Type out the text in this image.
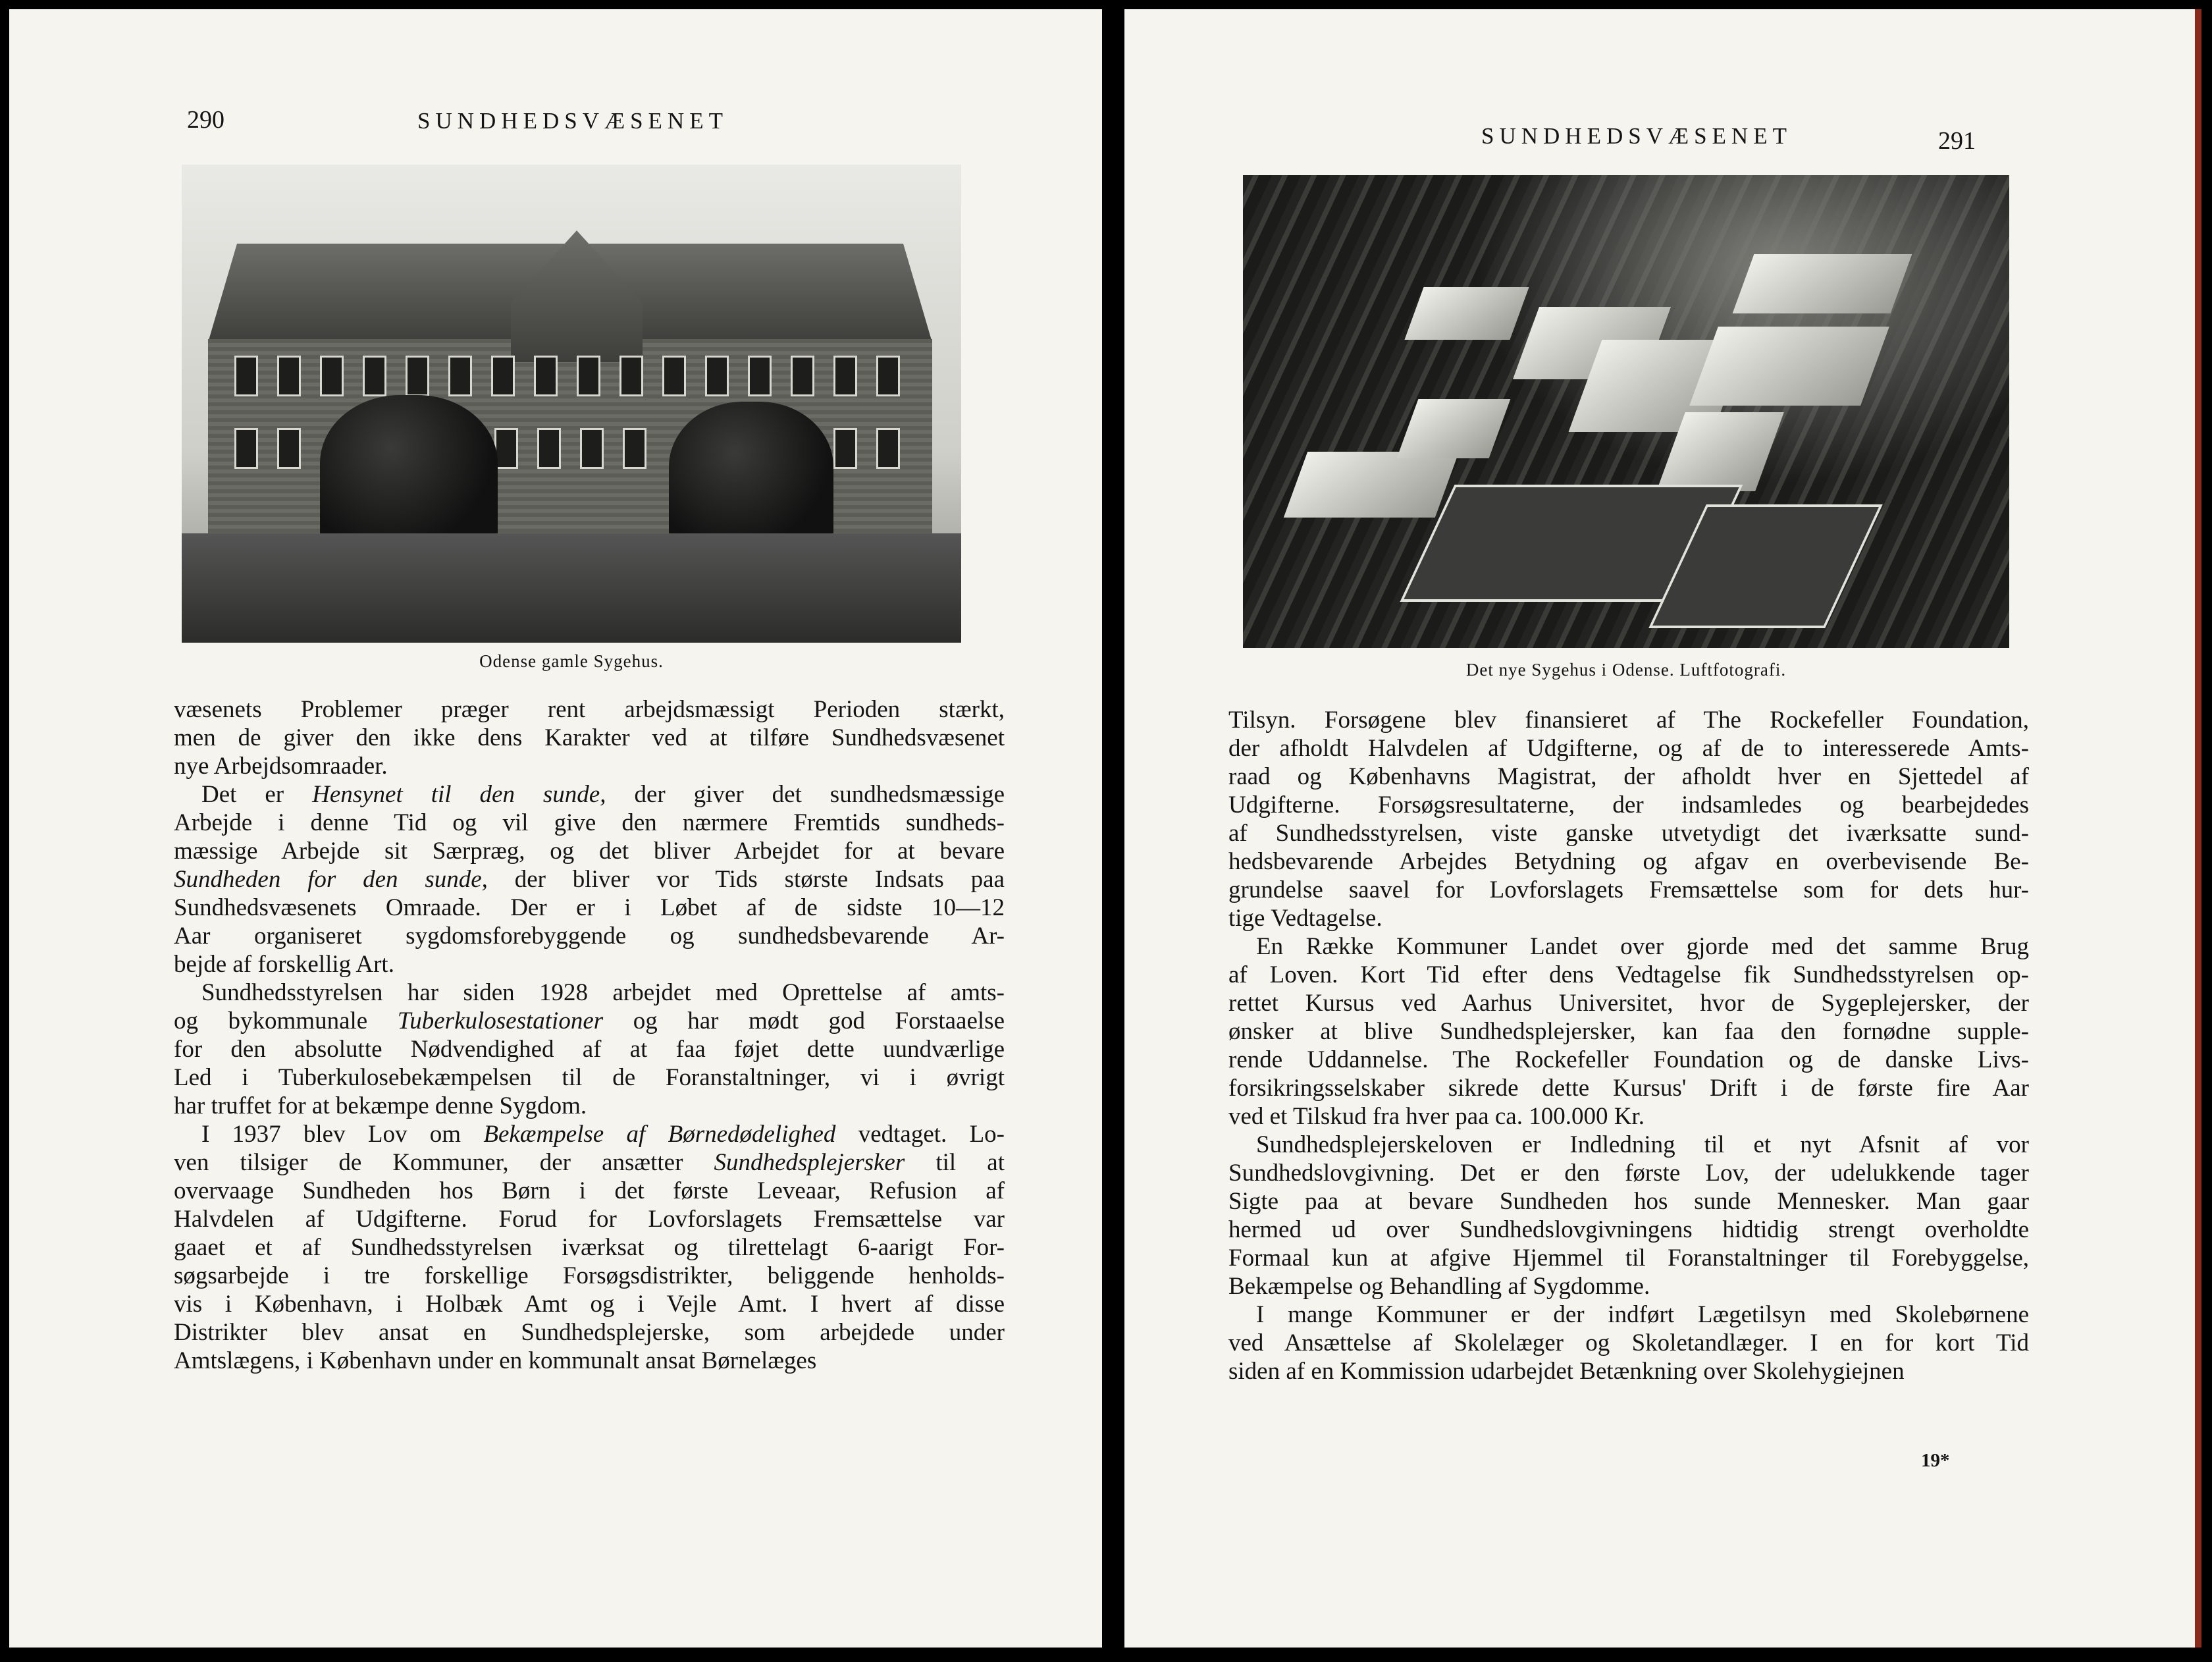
290	SUNDHEDSVÆSENET
Odense gamle Sygehus.
væsenets Problemer præger rent arbejdsmæssigt Perioden stærkt,
men de giver den ikke dens Karakter ved at tilføre Sundhedsvæsenet
nye Arbejdsomraader.
Det er Hensynet til den sunde, der giver det sundhedsmæssige
Arbejde i denne Tid og vil give den nærmere Fremtids sundheds-
mæssige Arbejde sit Særpræg, og det bliver Arbejdet for at bevare
Sundheden for den sunde, der bliver vor Tids største Indsats paa
Sundhedsvæsenets Omraade. Der er i Løbet af de sidste 10—12
Aar organiseret sygdomsforebyggende og sundhedsbevarende Ar-
bejde af forskellig Art.
Sundhedsstyrelsen har siden 1928 arbejdet med Oprettelse af amts-
og bykommunale Tuberkulosestationer og har mødt god Forstaaelse
for den absolutte Nødvendighed af at faa føjet dette uundværlige
Led i Tuberkulosebekæmpelsen til de Foranstaltninger, vi i øvrigt
har truffet for at bekæmpe denne Sygdom.
I 1937 blev Lov om Bekæmpelse af Børnedødelighed vedtaget. Lo-
ven tilsiger de Kommuner, der ansætter Sundhedsplejersker til at
overvaage Sundheden hos Børn i det første Leveaar, Refusion af
Halvdelen af Udgifterne. Forud for Lovforslagets Fremsættelse var
gaaet et af Sundhedsstyrelsen iværksat og tilrettelagt 6-aarigt For-
søgsarbejde i tre forskellige Forsøgsdistrikter, beliggende henholds-
vis i København, i Holbæk Amt og i Vejle Amt. I hvert af disse
Distrikter blev ansat en Sundhedsplejerske, som arbejdede under
Amtslægens, i København under en kommunalt ansat Børnelæges
SUNDHEDSVÆSENET	291
Det nye Sygehus i Odense. Luftfotografi.
Tilsyn. Forsøgene blev finansieret af The Rockefeller Foundation,
der afholdt Halvdelen af Udgifterne, og af de to interesserede Amts-
raad og Københavns Magistrat, der afholdt hver en Sjettedel af
Udgifterne. Forsøgsresultaterne, der indsamledes og bearbejdedes
af Sundhedsstyrelsen, viste ganske utvetydigt det iværksatte sund-
hedsbevarende Arbejdes Betydning og afgav en overbevisende Be-
grundelse saavel for Lovforslagets Fremsættelse som for dets hur-
tige Vedtagelse.
En Række Kommuner Landet over gjorde med det samme Brug
af Loven. Kort Tid efter dens Vedtagelse fik Sundhedsstyrelsen op-
rettet Kursus ved Aarhus Universitet, hvor de Sygeplejersker, der
ønsker at blive Sundhedsplejersker, kan faa den fornødne supple-
rende Uddannelse. The Rockefeller Foundation og de danske Livs-
forsikringsselskaber sikrede dette Kursus' Drift i de første fire Aar
ved et Tilskud fra hver paa ca. 100.000 Kr.
Sundhedsplejerskeloven er Indledning til et nyt Afsnit af vor
Sundhedslovgivning. Det er den første Lov, der udelukkende tager
Sigte paa at bevare Sundheden hos sunde Mennesker. Man gaar
hermed ud over Sundhedslovgivningens hidtidig strengt overholdte
Formaal kun at afgive Hjemmel til Foranstaltninger til Forebyggelse,
Bekæmpelse og Behandling af Sygdomme.
I mange Kommuner er der indført Lægetilsyn med Skolebørnene
ved Ansættelse af Skolelæger og Skoletandlæger. I en for kort Tid
siden af en Kommission udarbejdet Betænkning over Skolehygiejnen
19*
